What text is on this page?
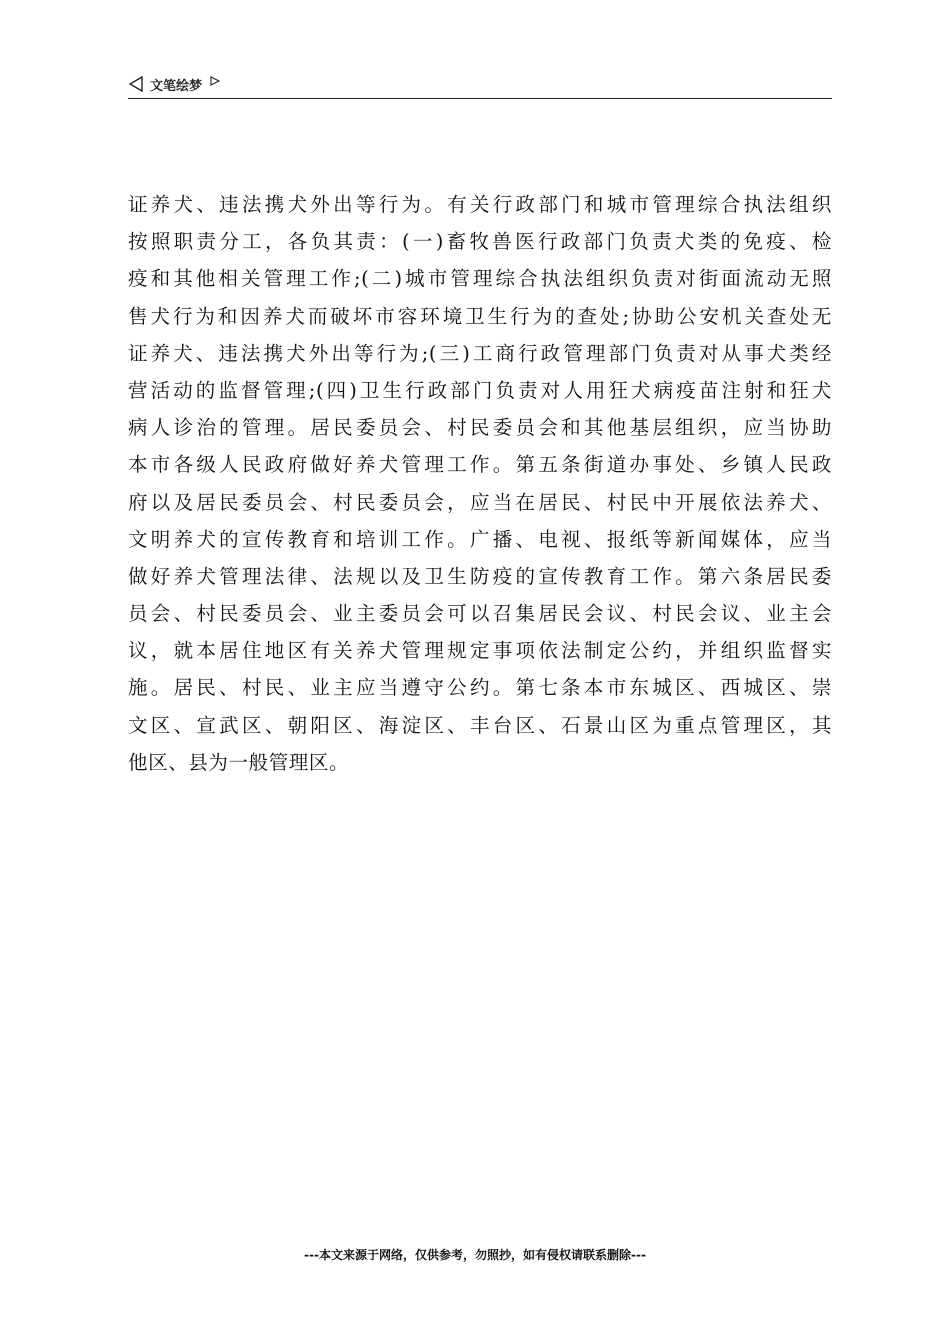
文笔绘梦
证养犬、违法携犬外出等行为。有关行政部门和城市管理综合执法组织
按照职责分工，各负其责：(一)畜牧兽医行政部门负责犬类的免疫、检
疫和其他相关管理工作;(二)城市管理综合执法组织负责对街面流动无照
售犬行为和因养犬而破坏市容环境卫生行为的查处;协助公安机关查处无
证养犬、违法携犬外出等行为;(三)工商行政管理部门负责对从事犬类经
营活动的监督管理;(四)卫生行政部门负责对人用狂犬病疫苗注射和狂犬
病人诊治的管理。居民委员会、村民委员会和其他基层组织，应当协助
本市各级人民政府做好养犬管理工作。第五条街道办事处、乡镇人民政
府以及居民委员会、村民委员会，应当在居民、村民中开展依法养犬、
文明养犬的宣传教育和培训工作。广播、电视、报纸等新闻媒体，应当
做好养犬管理法律、法规以及卫生防疫的宣传教育工作。第六条居民委
员会、村民委员会、业主委员会可以召集居民会议、村民会议、业主会
议，就本居住地区有关养犬管理规定事项依法制定公约，并组织监督实
施。居民、村民、业主应当遵守公约。第七条本市东城区、西城区、崇
文区、宣武区、朝阳区、海淀区、丰台区、石景山区为重点管理区，其
他区、县为一般管理区。
---本文来源于网络，仅供参考，勿照抄，如有侵权请联系删除---
